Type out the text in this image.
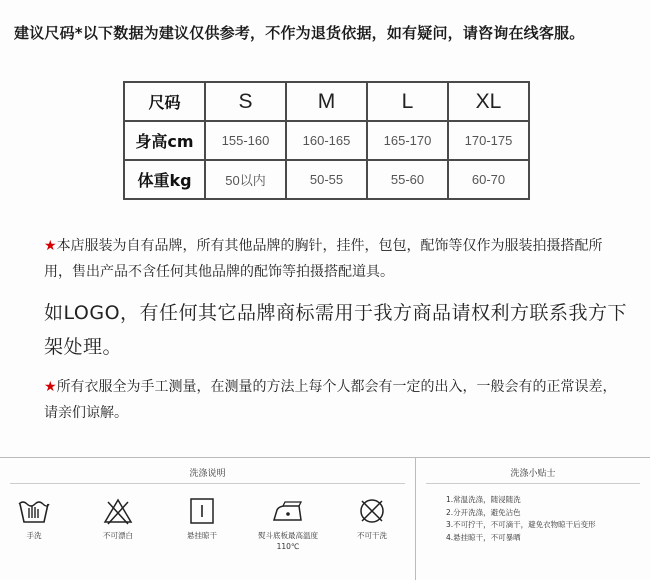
建议尺码*以下数据为建议仅供参考，不作为退货依据，如有疑问，请咨询在线客服。
尺码	S	M	L	XL
身高cm	155-160	160-165	165-170	170-175
体重kg	50以内	50-55	55-60	60-70
★本店服装为自有品牌，所有其他品牌的胸针，挂件，包包，配饰等仅作为服装拍摄搭配所用，售出产品不含任何其他品牌的配饰等拍摄搭配道具。
如LOGO，有任何其它品牌商标需用于我方商品请权利方联系我方下架处理。
★所有衣服全为手工测量，在测量的方法上每个人都会有一定的出入，一般会有的正常误差，请亲们谅解。
洗涤说明	洗涤小贴士
手洗	不可漂白	悬挂晾干	熨斗底板最高温度110℃
不可干洗
1.常温洗涤，随浸随洗
2.分开洗涤，避免沾色
3.不可拧干，不可滴干，避免衣物晾干后变形
4.悬挂晾干，不可暴晒
